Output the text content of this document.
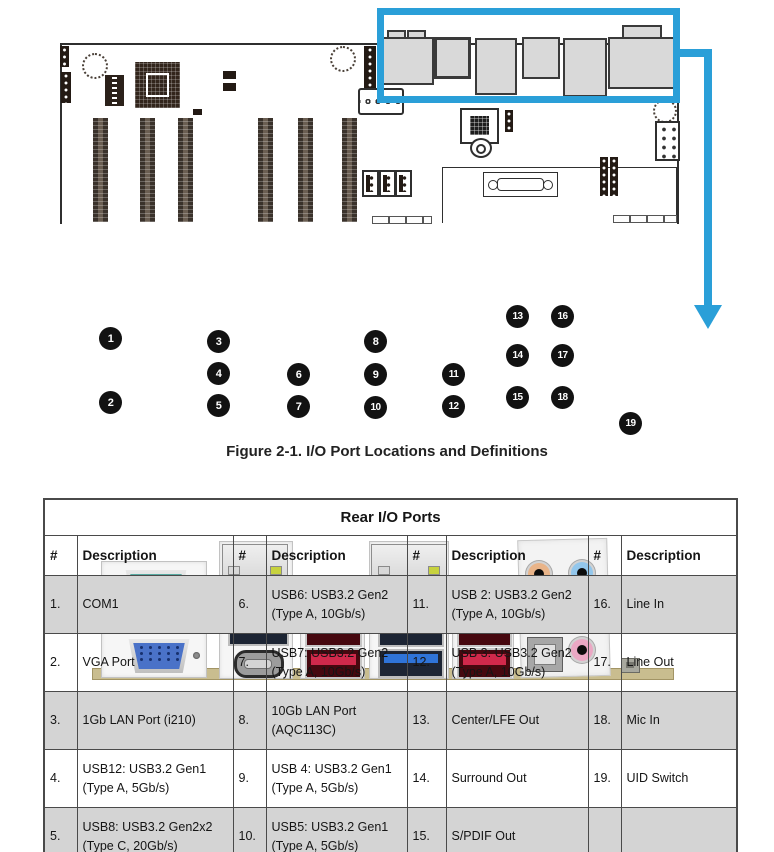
1
2
3
4
5
6
7
8
9
10
11
12
13
14
15
16
17
18
19
Figure 2-1. I/O Port Locations and Definitions
Rear I/O Ports							
#	Description	#	Description	#	Description	#	Description
1.	COM1	6.	USB6: USB3.2 Gen2 (Type A, 10Gb/s)	11.	USB 2: USB3.2 Gen2 (Type A, 10Gb/s)	16.	Line In
2.	VGA Port	7.	USB7: USB3.2 Gen2 (Type A, 10Gb/s)	12.	USB 3: USB3.2 Gen2 (Type A, 10Gb/s)	17.	Line Out
3.	1Gb LAN Port (i210)	8.	10Gb LAN Port (AQC113C)	13.	Center/LFE Out	18.	Mic In
4.	USB12: USB3.2 Gen1 (Type A, 5Gb/s)	9.	USB 4: USB3.2 Gen1 (Type A, 5Gb/s)	14.	Surround Out	19.	UID Switch
5.	USB8: USB3.2 Gen2x2 (Type C, 20Gb/s)	10.	USB5: USB3.2 Gen1 (Type A, 5Gb/s)	15.	S/PDIF Out		
